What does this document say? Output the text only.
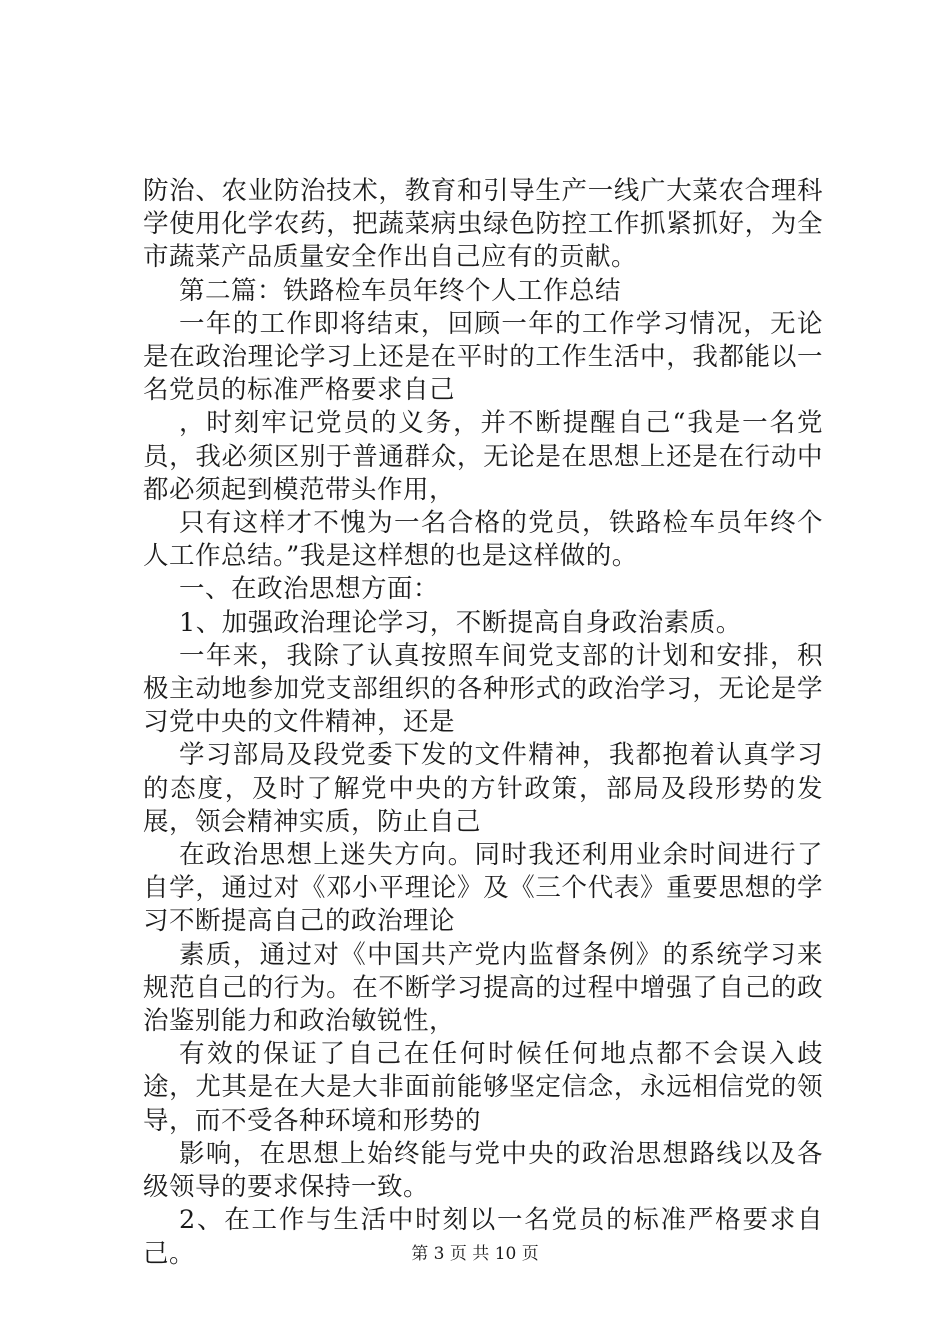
防治、农业防治技术，教育和引导生产一线广大菜农合理科学使用化学农药，把蔬菜病虫绿色防控工作抓紧抓好，为全市蔬菜产品质量安全作出自己应有的贡献。

第二篇：铁路检车员年终个人工作总结

一年的工作即将结束，回顾一年的工作学习情况，无论是在政治理论学习上还是在平时的工作生活中，我都能以一名党员的标准严格要求自己

，时刻牢记党员的义务，并不断提醒自己“我是一名党员，我必须区别于普通群众，无论是在思想上还是在行动中都必须起到模范带头作用，

只有这样才不愧为一名合格的党员，铁路检车员年终个人工作总结。”我是这样想的也是这样做的。

一、在政治思想方面：

1、加强政治理论学习，不断提高自身政治素质。

一年来，我除了认真按照车间党支部的计划和安排，积极主动地参加党支部组织的各种形式的政治学习，无论是学习党中央的文件精神，还是

学习部局及段党委下发的文件精神，我都抱着认真学习的态度，及时了解党中央的方针政策，部局及段形势的发展，领会精神实质，防止自己

在政治思想上迷失方向。同时我还利用业余时间进行了自学，通过对《邓小平理论》及《三个代表》重要思想的学习不断提高自己的政治理论

素质，通过对《中国共产党内监督条例》的系统学习来规范自己的行为。在不断学习提高的过程中增强了自己的政治鉴别能力和政治敏锐性，

有效的保证了自己在任何时候任何地点都不会误入歧途，尤其是在大是大非面前能够坚定信念，永远相信党的领导，而不受各种环境和形势的

影响，在思想上始终能与党中央的政治思想路线以及各级领导的要求保持一致。

2、在工作与生活中时刻以一名党员的标准严格要求自己。	第 3 页 共 10 页
